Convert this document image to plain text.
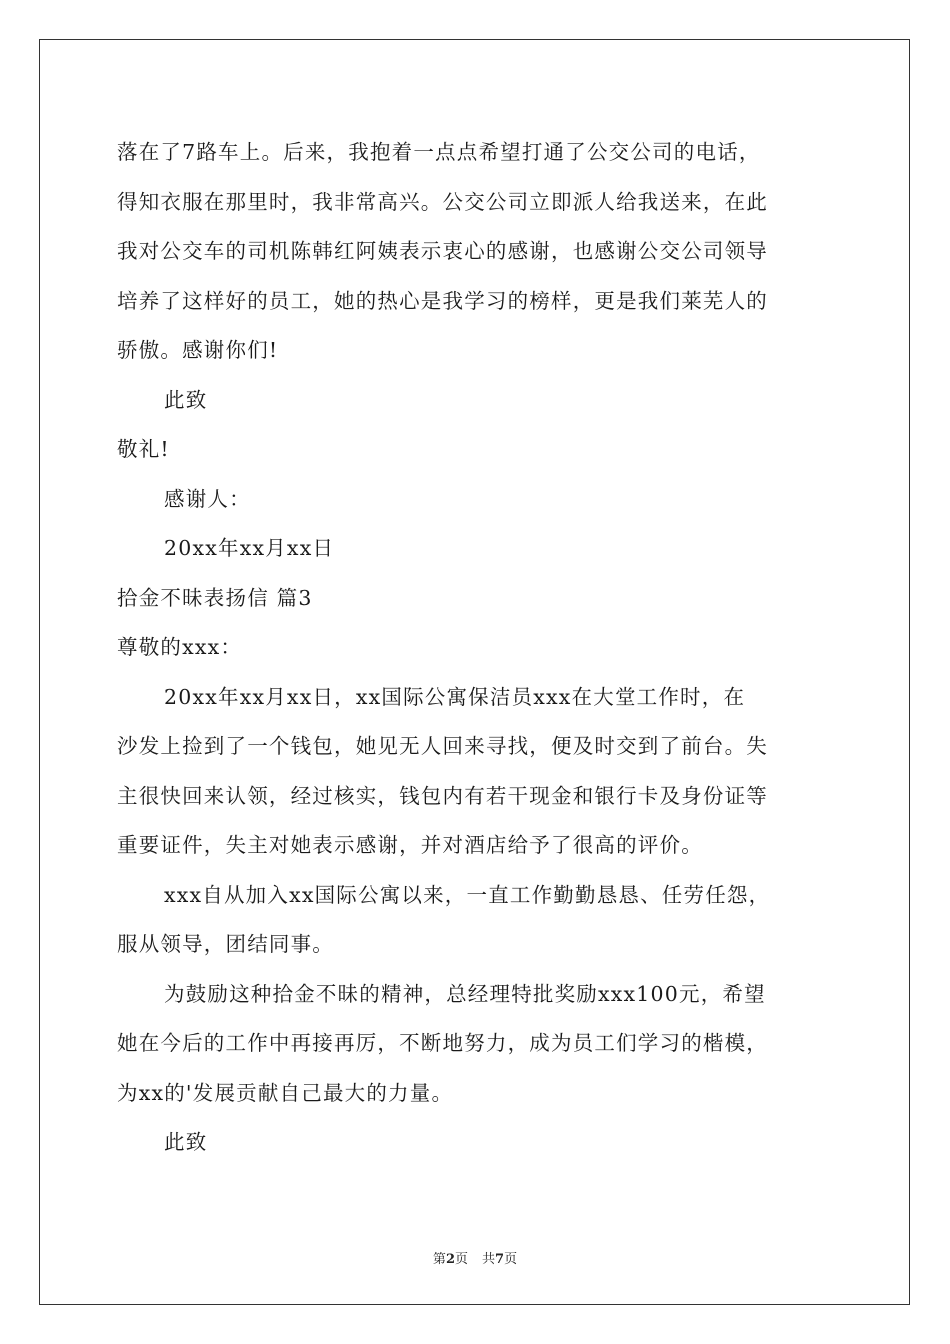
落在了7路车上。后来，我抱着一点点希望打通了公交公司的电话，
得知衣服在那里时，我非常高兴。公交公司立即派人给我送来，在此
我对公交车的司机陈韩红阿姨表示衷心的感谢，也感谢公交公司领导
培养了这样好的员工，她的热心是我学习的榜样，更是我们莱芜人的
骄傲。感谢你们!
此致
敬礼!
感谢人：
20xx年xx月xx日
拾金不昧表扬信 篇3
尊敬的xxx：
20xx年xx月xx日，xx国际公寓保洁员xxx在大堂工作时，在
沙发上捡到了一个钱包，她见无人回来寻找，便及时交到了前台。失
主很快回来认领，经过核实，钱包内有若干现金和银行卡及身份证等
重要证件，失主对她表示感谢，并对酒店给予了很高的评价。
xxx自从加入xx国际公寓以来，一直工作勤勤恳恳、任劳任怨，
服从领导，团结同事。
为鼓励这种拾金不昧的精神，总经理特批奖励xxx100元，希望
她在今后的工作中再接再厉，不断地努力，成为员工们学习的楷模，
为xx的'发展贡献自己最大的力量。
此致
第2页 共7页
